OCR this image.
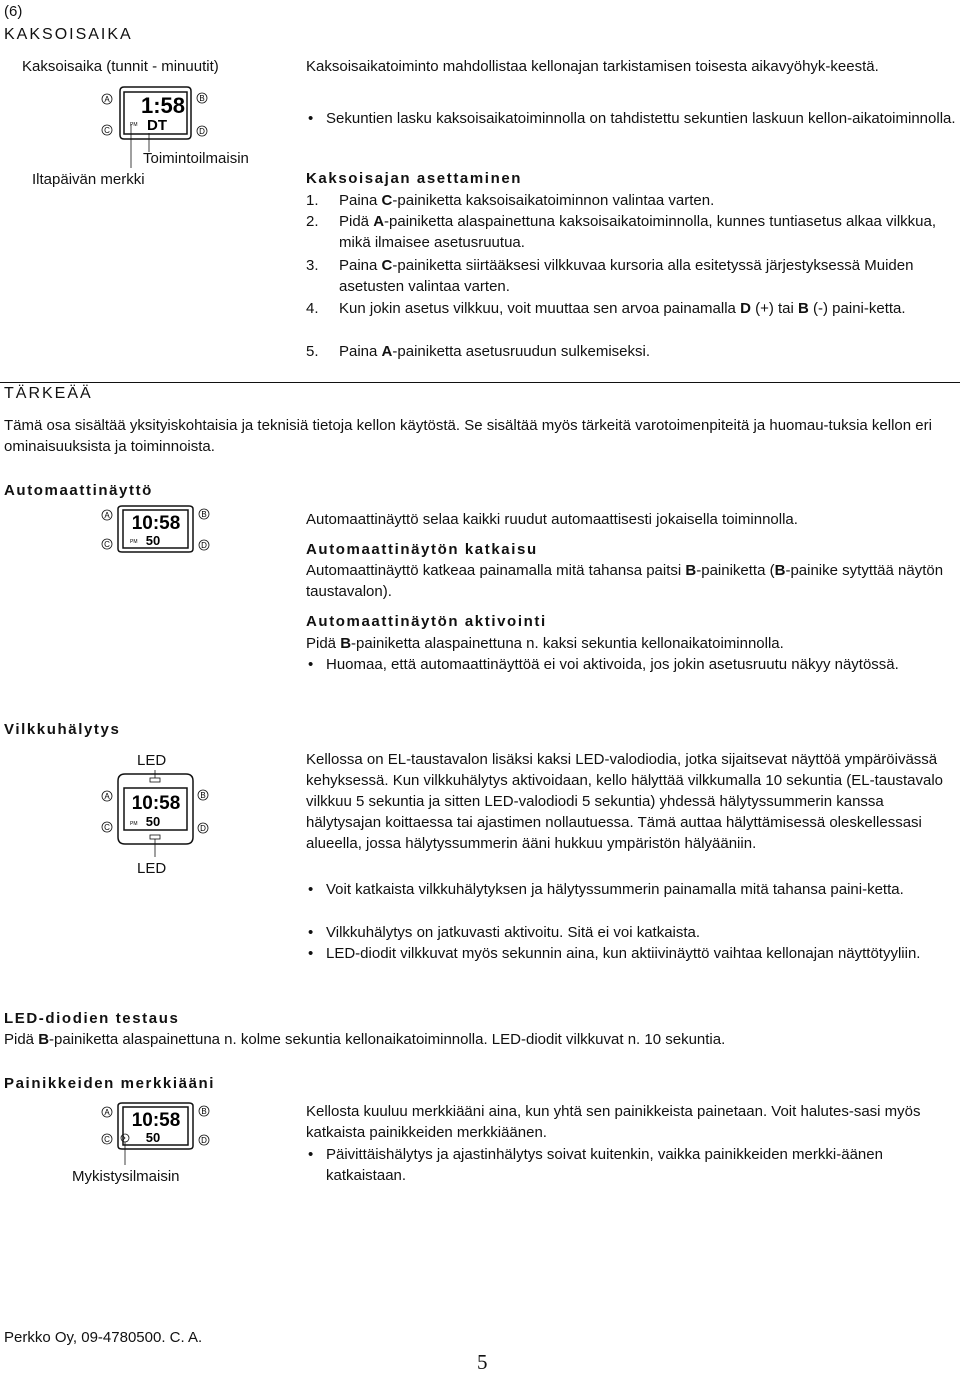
(6)
KAKSOISAIKA
Kaksoisaika (tunnit - minuutit)
A	B
C	D
1:58
PM DT
Toimintoilmaisin
Iltapäivän merkki
Kaksoisaikatoiminto mahdollistaa kellonajan tarkistamisen toisesta aikavyöhyk-keestä.
• Sekuntien lasku kaksoisaikatoiminnolla on tahdistettu sekuntien laskuun kellon-aikatoiminnolla.
Kaksoisajan asettaminen
1. Paina C-painiketta kaksoisaikatoiminnon valintaa varten.
2. Pidä A-painiketta alaspainettuna kaksoisaikatoiminnolla, kunnes tuntiasetus alkaa vilkkua, mikä ilmaisee asetusruutua.
3. Paina C-painiketta siirtääksesi vilkkuvaa kursoria alla esitetyssä järjestyksessä Muiden asetusten valintaa varten.
4. Kun jokin asetus vilkkuu, voit muuttaa sen arvoa painamalla D (+) tai B (-) paini-ketta.
5. Paina A-painiketta asetusruudun sulkemiseksi.
TÄRKEÄÄ
Tämä osa sisältää yksityiskohtaisia ja teknisiä tietoja kellon käytöstä. Se sisältää myös tärkeitä varotoimenpiteitä ja huomau-tuksia kellon eri ominaisuuksista ja toiminnoista.
Automaattinäyttö
A	B
C	D
10:58
PM 50
Automaattinäyttö selaa kaikki ruudut automaattisesti jokaisella toiminnolla.
Automaattinäytön katkaisu
Automaattinäyttö katkeaa painamalla mitä tahansa paitsi B-painiketta (B-painike sytyttää näytön taustavalon).
Automaattinäytön aktivointi
Pidä B-painiketta alaspainettuna n. kaksi sekuntia kellonaikatoiminnolla.
• Huomaa, että automaattinäyttöä ei voi aktivoida, jos jokin asetusruutu näkyy näytössä.
Vilkkuhälytys
LED
A	B
C	D
10:58
PM 50
LED
Kellossa on EL-taustavalon lisäksi kaksi LED-valodiodia, jotka sijaitsevat näyttöä ympäröivässä kehyksessä. Kun vilkkuhälytys aktivoidaan, kello hälyttää vilkkumalla 10 sekuntia (EL-taustavalo vilkkuu 5 sekuntia ja sitten LED-valodiodi 5 sekuntia) yhdessä hälytyssummerin kanssa hälytysajan koittaessa tai ajastimen nollautuessa. Tämä auttaa hälyttämisessä oleskellessasi alueella, jossa hälytyssummerin ääni hukkuu ympäristön hälyääniin.
• Voit katkaista vilkkuhälytyksen ja hälytyssummerin painamalla mitä tahansa paini-ketta.
• Vilkkuhälytys on jatkuvasti aktivoitu. Sitä ei voi katkaista.
• LED-diodit vilkkuvat myös sekunnin aina, kun aktiivinäyttö vaihtaa kellonajan näyttötyyliin.
LED-diodien testaus
Pidä B-painiketta alaspainettuna n. kolme sekuntia kellonaikatoiminnolla. LED-diodit vilkkuvat n. 10 sekuntia.
Painikkeiden merkkiääni
A	B
C	D
10:58
50
Mykistysilmaisin
Kellosta kuuluu merkkiääni aina, kun yhtä sen painikkeista painetaan. Voit halutes-sasi myös katkaista painikkeiden merkkiäänen.
• Päivittäishälytys ja ajastinhälytys soivat kuitenkin, vaikka painikkeiden merkki-äänen katkaistaan.
Perkko Oy, 09-4780500. C. A.
5
